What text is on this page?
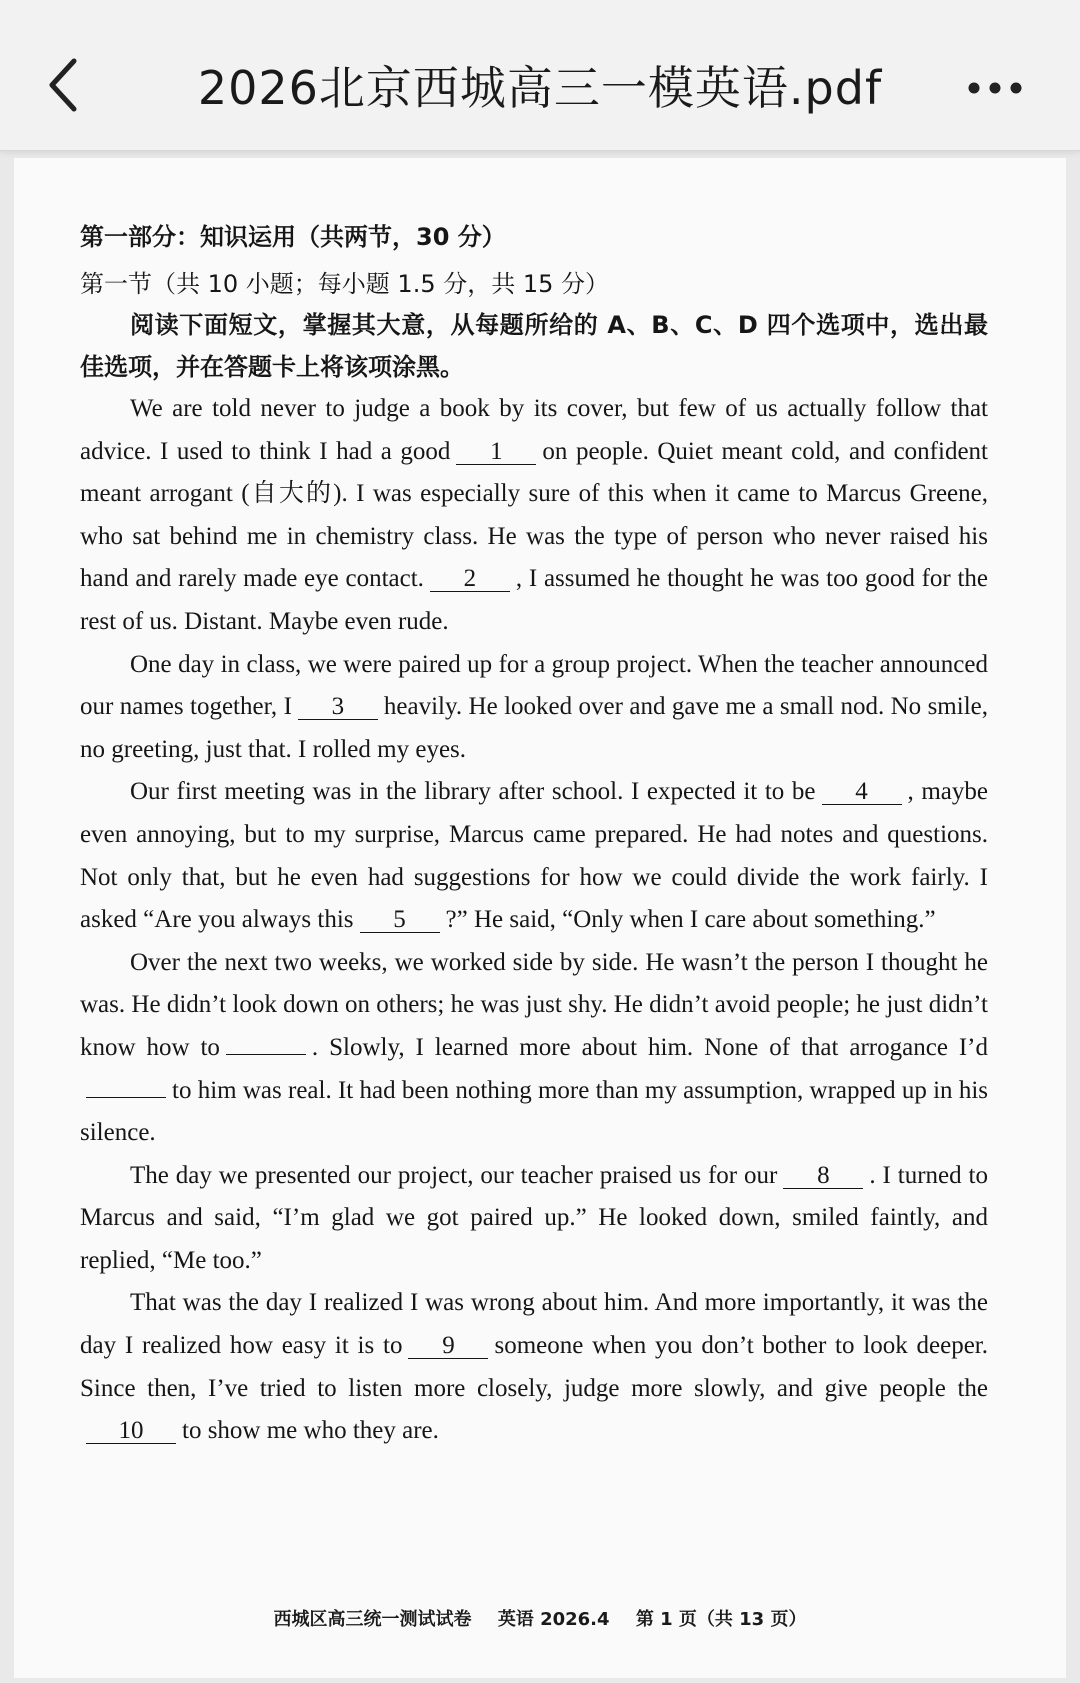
2026北京西城高三一模英语.pdf
第一部分：知识运用（共两节，30 分）
第一节（共 10 小题；每小题 1.5 分，共 15 分）

阅读下面短文，掌握其大意，从每题所给的 A、B、C、D 四个选项中，选出最佳选项，并在答题卡上将该项涂黑。

We are told never to judge a book by its cover, but few of us actually follow that advice. I used to think I had a good 1 on people. Quiet meant cold, and confident meant arrogant (自大的). I was especially sure of this when it came to Marcus Greene, who sat behind me in chemistry class. He was the type of person who never raised his hand and rarely made eye contact. 2 , I assumed he thought he was too good for the rest of us. Distant. Maybe even rude.

One day in class, we were paired up for a group project. When the teacher announced our names together, I 3 heavily. He looked over and gave me a small nod. No smile, no greeting, just that. I rolled my eyes.

Our first meeting was in the library after school. I expected it to be 4 , maybe even annoying, but to my surprise, Marcus came prepared. He had notes and questions. Not only that, but he even had suggestions for how we could divide the work fairly. I asked “Are you always this 5 ?” He said, “Only when I care about something.”

Over the next two weeks, we worked side by side. He wasn’t the person I thought he was. He didn’t look down on others; he was just shy. He didn’t avoid people; he just didn’t know how to	. Slowly, I learned more about him. None of that arrogance I’dto him was real. It had been nothing more than my assumption, wrapped up in his silence.

The day we presented our project, our teacher praised us for our 8 . I turned to Marcus and said, “I’m glad we got paired up.” He looked down, smiled faintly, and replied, “Me too.”

That was the day I realized I was wrong about him. And more importantly, it was the day I realized how easy it is to 9 someone when you don’t bother to look deeper. Since then, I’ve tried to listen more closely, judge more slowly, and give people the10 to show me who they are.

西城区高三统一测试试卷 英语 2026.4 第 1 页（共 13 页）
